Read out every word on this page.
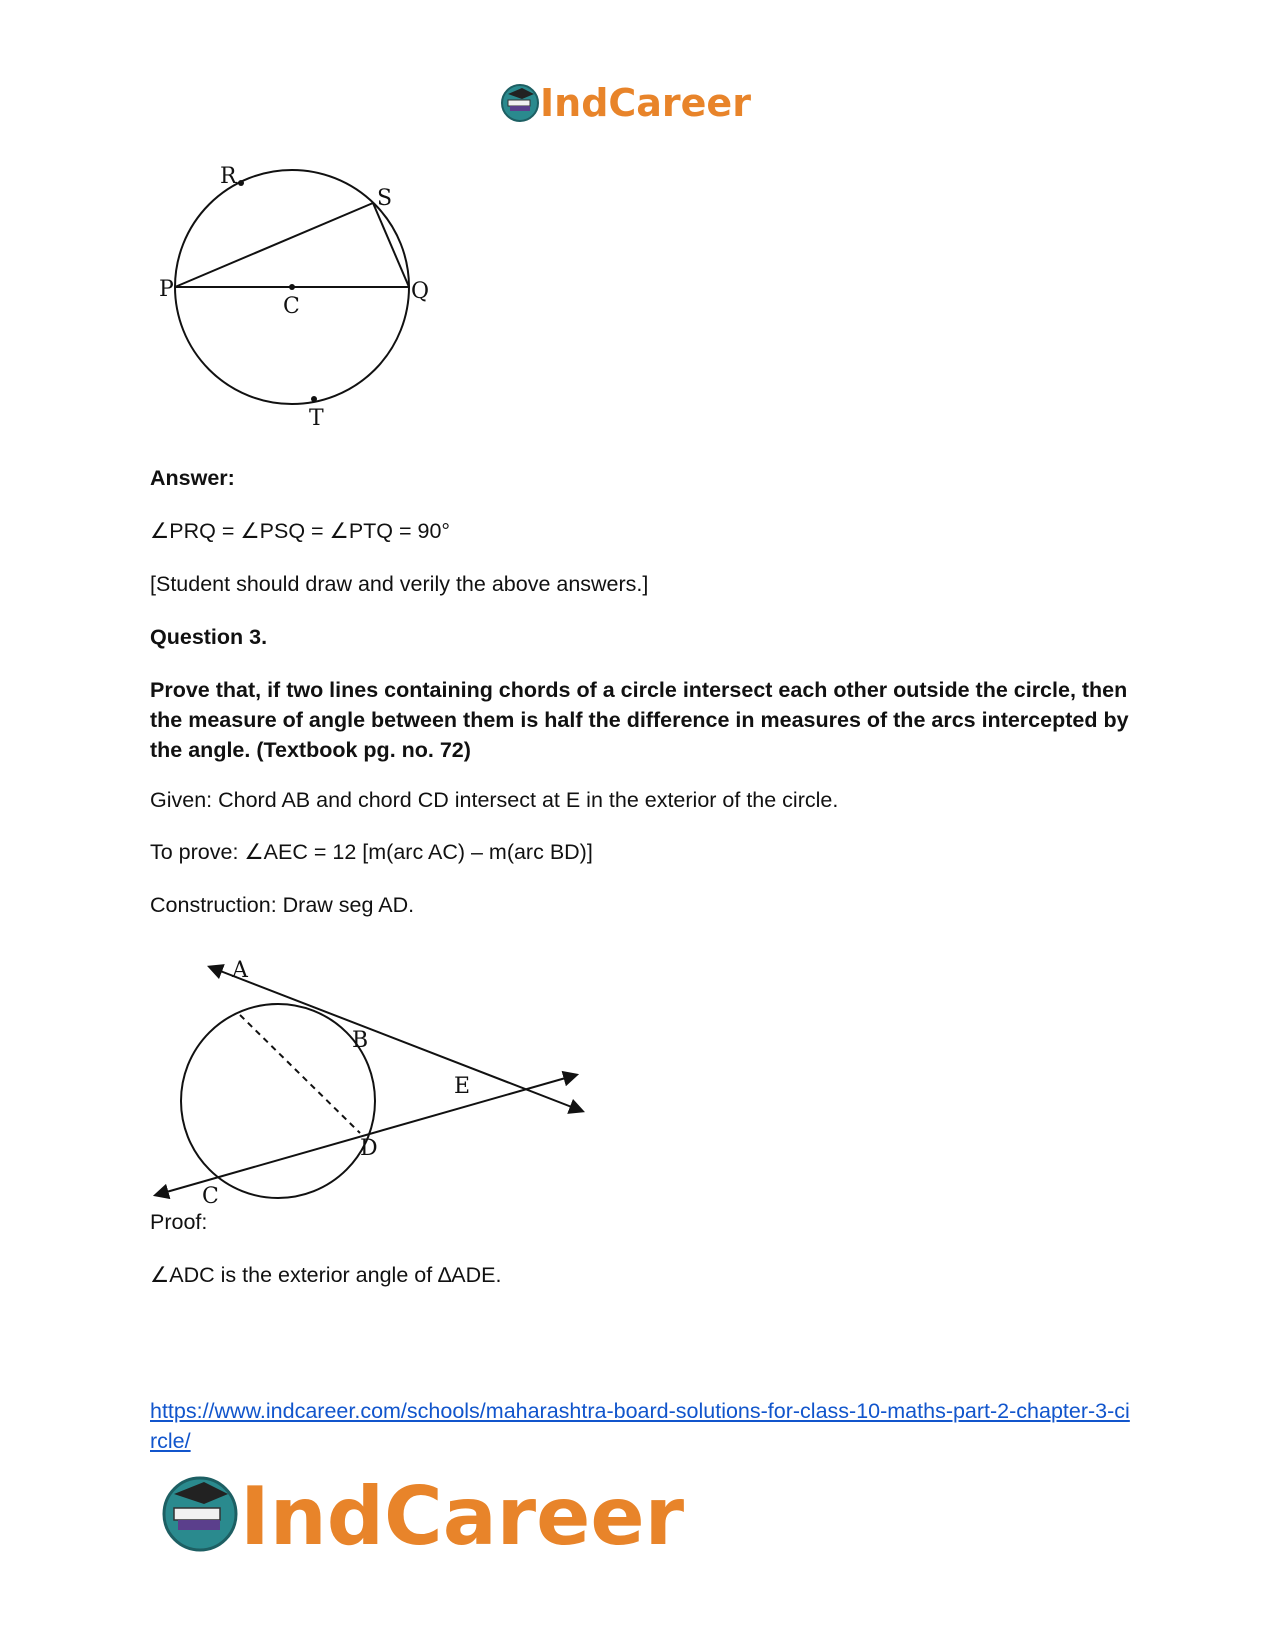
IndCareer
R
S
P
C
Q
T
Answer:
∠PRQ = ∠PSQ = ∠PTQ = 90°
[Student should draw and verily the above answers.]
Question 3.
Prove that, if two lines containing chords of a circle intersect each other outside the circle, then the measure of angle between them is half the difference in measures of the arcs intercepted by the angle. (Textbook pg. no. 72)
Given: Chord AB and chord CD intersect at E in the exterior of the circle.
To prove: ∠AEC = 12 [m(arc AC) – m(arc BD)]
Construction: Draw seg AD.
A
B
E
D
C
Proof:
∠ADC is the exterior angle of ∆ADE.
https://www.indcareer.com/schools/maharashtra-board-solutions-for-class-10-maths-part-2-chapter-3-circle/
IndCareer
